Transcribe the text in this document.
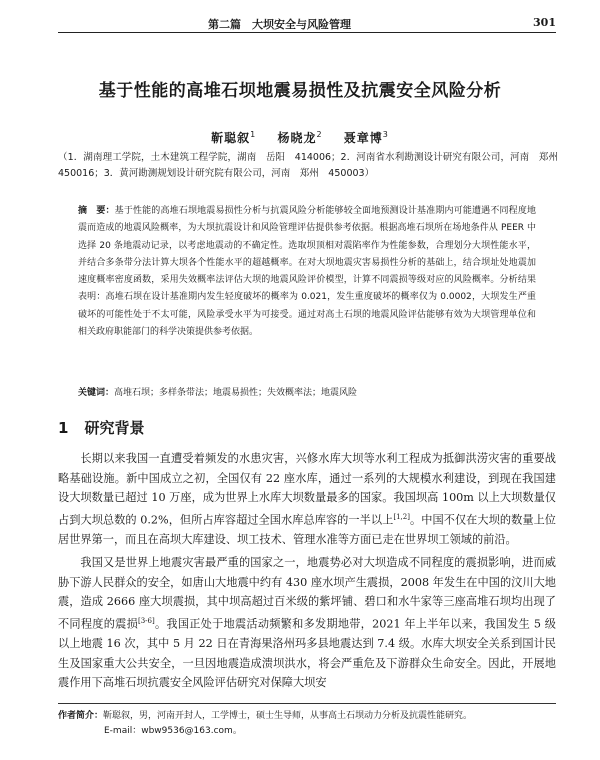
第二篇　大坝安全与风险管理	301
基于性能的高堆石坝地震易损性及抗震安全风险分析
靳聪叙$^1$ 杨晓龙$^2$ 聂章博$^3$
（1．湖南理工学院，土木建筑工程学院，湖南　岳阳　414006；2．河南省水利勘测设计研究有限公司，河南　郑州　450016；3．黄河勘测规划设计研究院有限公司，河南　郑州　450003）
摘　要：基于性能的高堆石坝地震易损性分析与抗震风险分析能够较全面地预测设计基准期内可能遭遇不同程度地震而造成的地震风险概率，为大坝抗震设计和风险管理评估提供参考依据。根据高堆石坝所在场地条件从 PEER 中选择 20 条地震动记录，以考虑地震动的不确定性。选取坝顶相对震陷率作为性能参数，合理划分大坝性能水平，并结合多条带分法计算大坝各个性能水平的超越概率。在对大坝地震灾害易损性分析的基础上，结合坝址处地震加速度概率密度函数，采用失效概率法评估大坝的地震风险评价模型，计算不同震损等级对应的风险概率。分析结果表明：高堆石坝在设计基准期内发生轻度破坏的概率为 0.021，发生重度破坏的概率仅为 0.0002，大坝发生严重破坏的可能性处于不太可能，风险承受水平为可接受。通过对高土石坝的地震风险评估能够有效为大坝管理单位和相关政府职能部门的科学决策提供参考依据。
关键词：高堆石坝；多样条带法；地震易损性；失效概率法；地震风险
1 研究背景
长期以来我国一直遭受着频发的水患灾害，兴修水库大坝等水利工程成为抵御洪涝灾害的重要战略基础设施。新中国成立之初，全国仅有 22 座水库，通过一系列的大规模水利建设，到现在我国建设大坝数量已超过 10 万座，成为世界上水库大坝数量最多的国家。我国坝高 100m 以上大坝数量仅占到大坝总数的 0.2%，但所占库容超过全国水库总库容的一半以上[1,2]。中国不仅在大坝的数量上位居世界第一，而且在高坝大库建设、坝工技术、管理水准等方面已走在世界坝工领域的前沿。
我国又是世界上地震灾害最严重的国家之一，地震势必对大坝造成不同程度的震损影响，进而威胁下游人民群众的安全，如唐山大地震中约有 430 座水坝产生震损，2008 年发生在中国的汶川大地震，造成 2666 座大坝震损，其中坝高超过百米级的紫坪铺、碧口和水牛家等三座高堆石坝均出现了不同程度的震损[3-6]。我国正处于地震活动频繁和多发期地带，2021 年上半年以来，我国发生 5 级以上地震 16 次，其中 5 月 22 日在青海果洛州玛多县地震达到 7.4 级。水库大坝安全关系到国计民生及国家重大公共安全，一旦因地震造成溃坝洪水，将会严重危及下游群众生命安全。因此，开展地震作用下高堆石坝抗震安全风险评估研究对保障大坝安
作者简介：靳聪叙，男，河南开封人，工学博士，硕士生导师，从事高土石坝动力分析及抗震性能研究。
E-mail：wbw9536@163.com。
